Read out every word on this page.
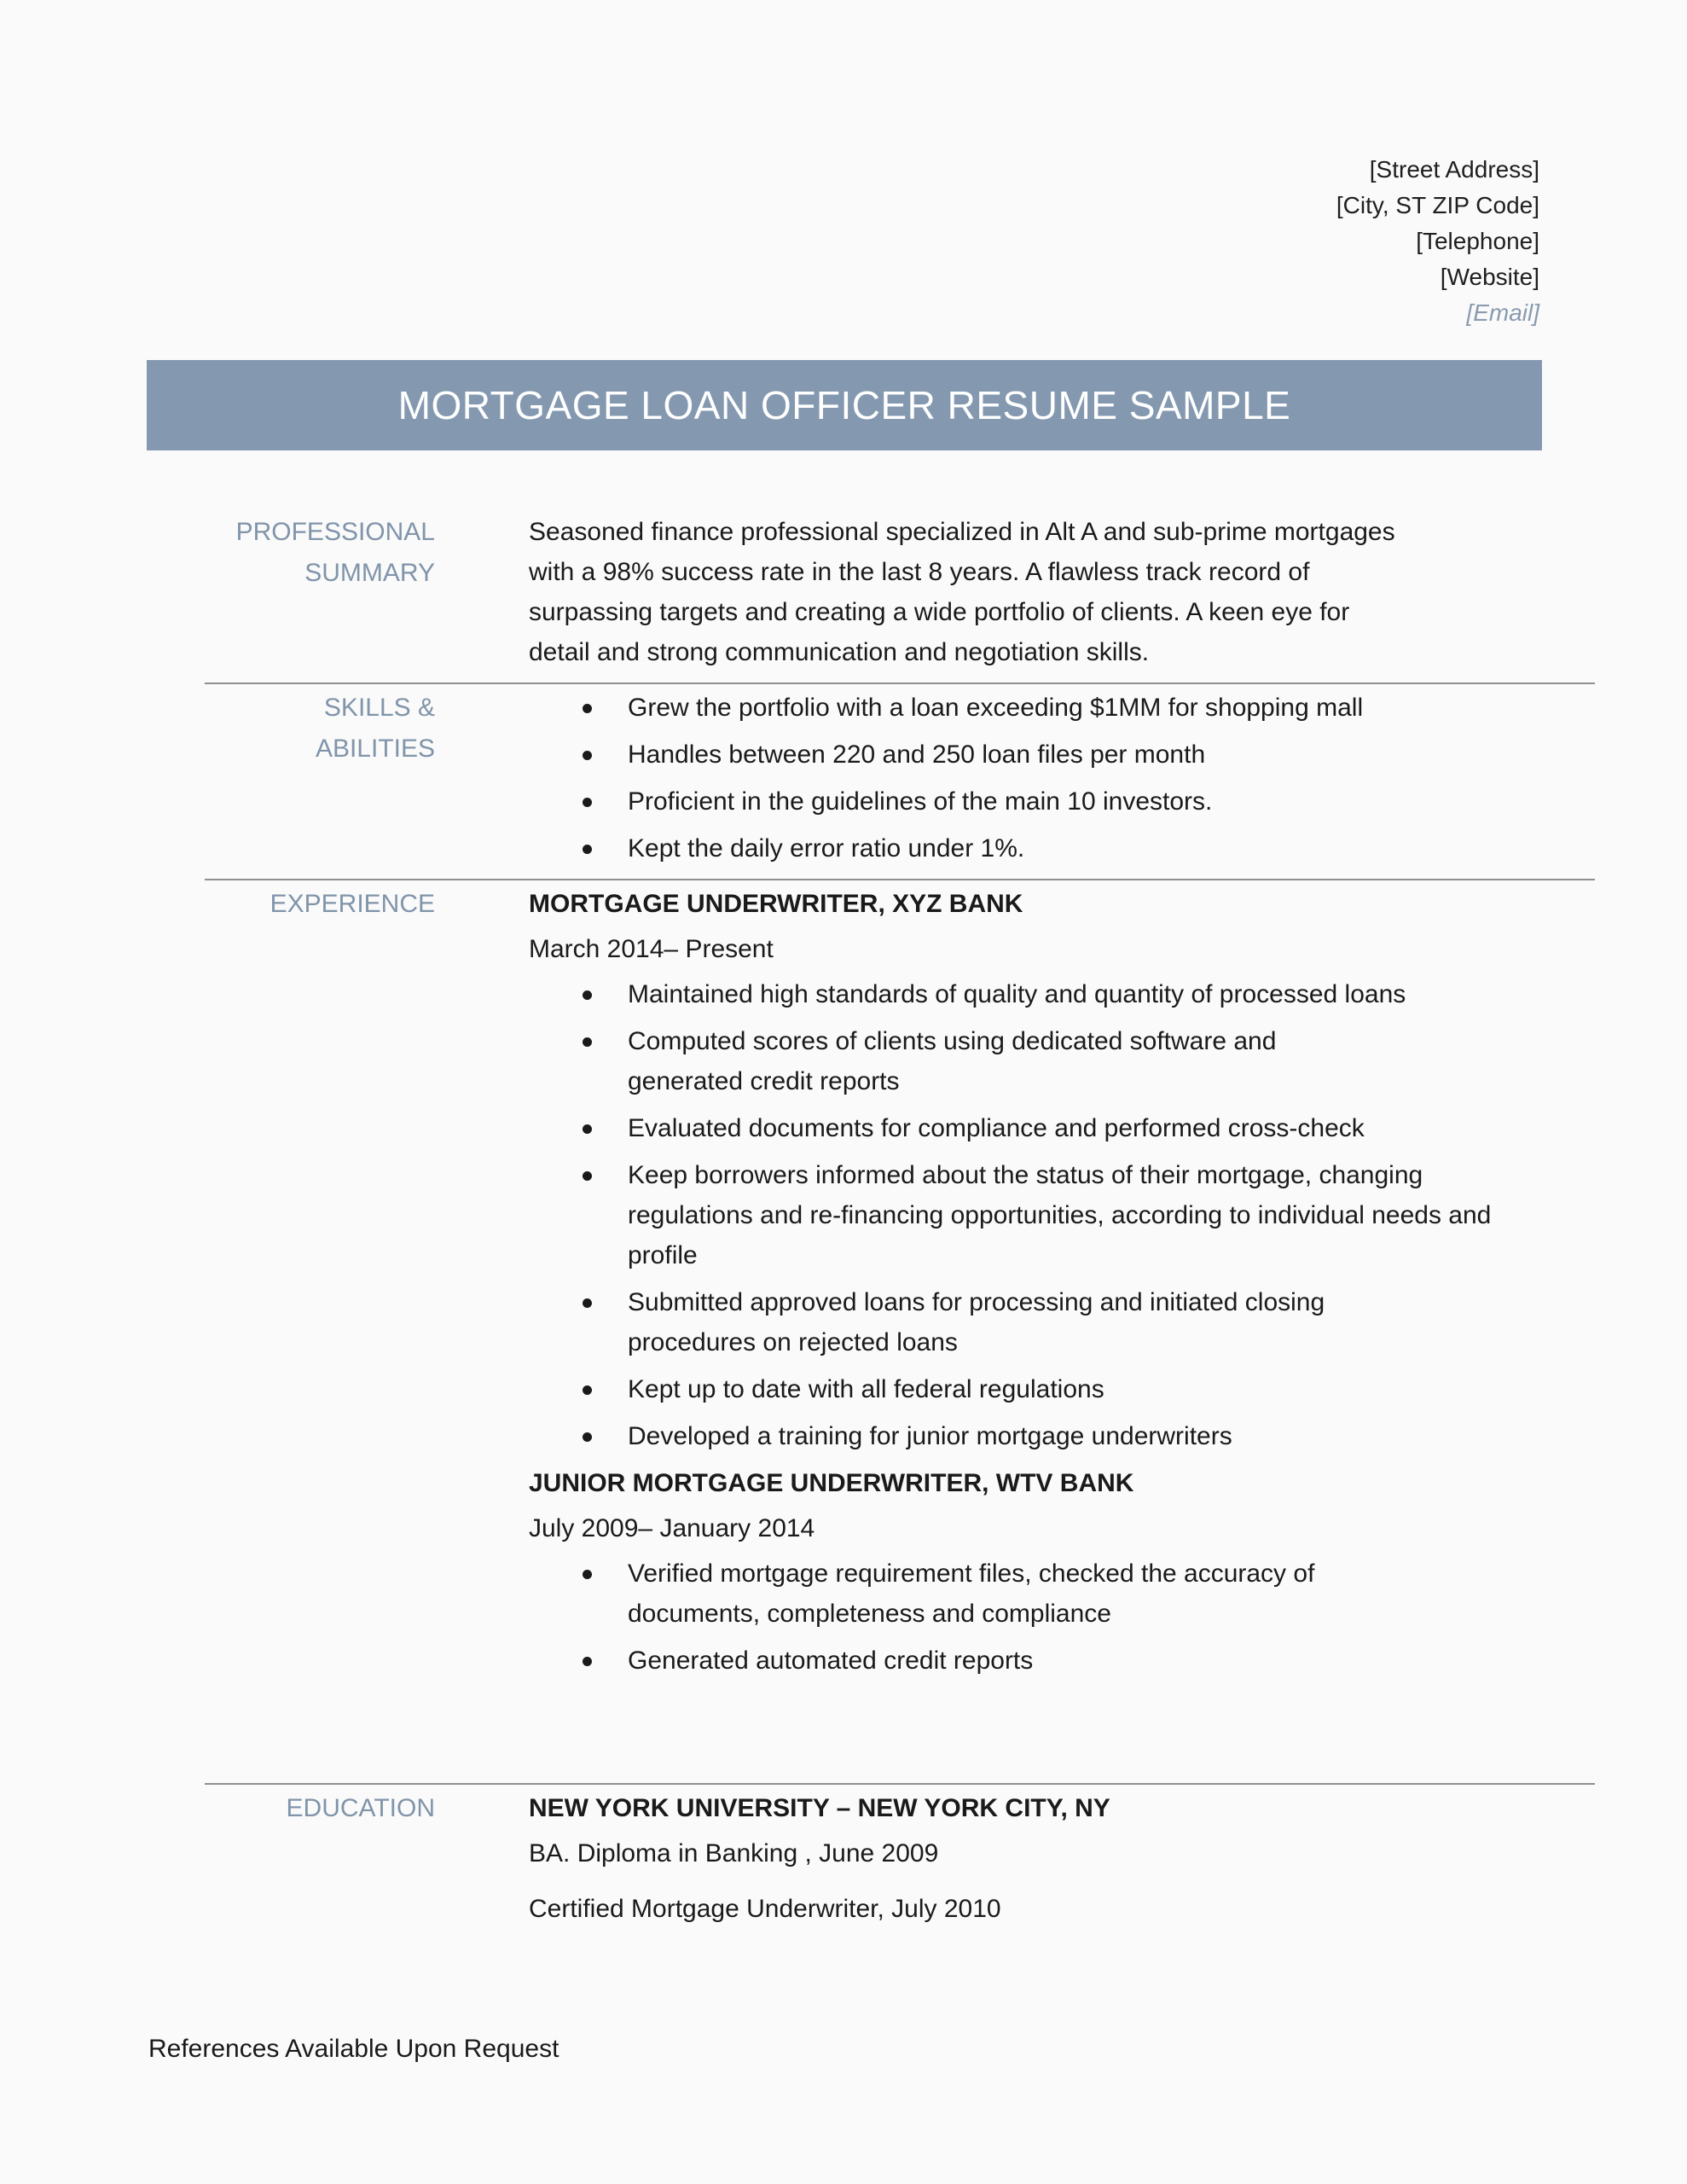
[Street Address]
[City, ST ZIP Code]
[Telephone]
[Website]
[Email]
MORTGAGE LOAN OFFICER RESUME SAMPLE
PROFESSIONAL
SUMMARY

Seasoned finance professional specialized in Alt A and sub-prime mortgages with a 98% success rate in the last 8 years. A flawless track record of surpassing targets and creating a wide portfolio of clients. A keen eye for detail and strong communication and negotiation skills.

SKILLS & ABILITIES
Grew the portfolio with a loan exceeding $1MM for shopping mall
Handles between 220 and 250 loan files per month
Proficient in the guidelines of the main 10 investors.
Kept the daily error ratio under 1%.
EXPERIENCE	MORTGAGE UNDERWRITER, XYZ BANK

March 2014– Present

Maintained high standards of quality and quantity of processed loans
Computed scores of clients using dedicated software and generated credit reports
Evaluated documents for compliance and performed cross-check
Keep borrowers informed about the status of their mortgage, changing regulations and re-financing opportunities, according to individual needs and profile
Submitted approved loans for processing and initiated closing procedures on rejected loans
Kept up to date with all federal regulations
Developed a training for junior mortgage underwriters

JUNIOR MORTGAGE UNDERWRITER, WTV BANK

July 2009– January 2014

Verified mortgage requirement files, checked the accuracy of documents, completeness and compliance
Generated automated credit reports
EDUCATION	NEW YORK UNIVERSITY – NEW YORK CITY, NY

BA. Diploma in Banking , June 2009

Certified Mortgage Underwriter, July 2010

References Available Upon Request
